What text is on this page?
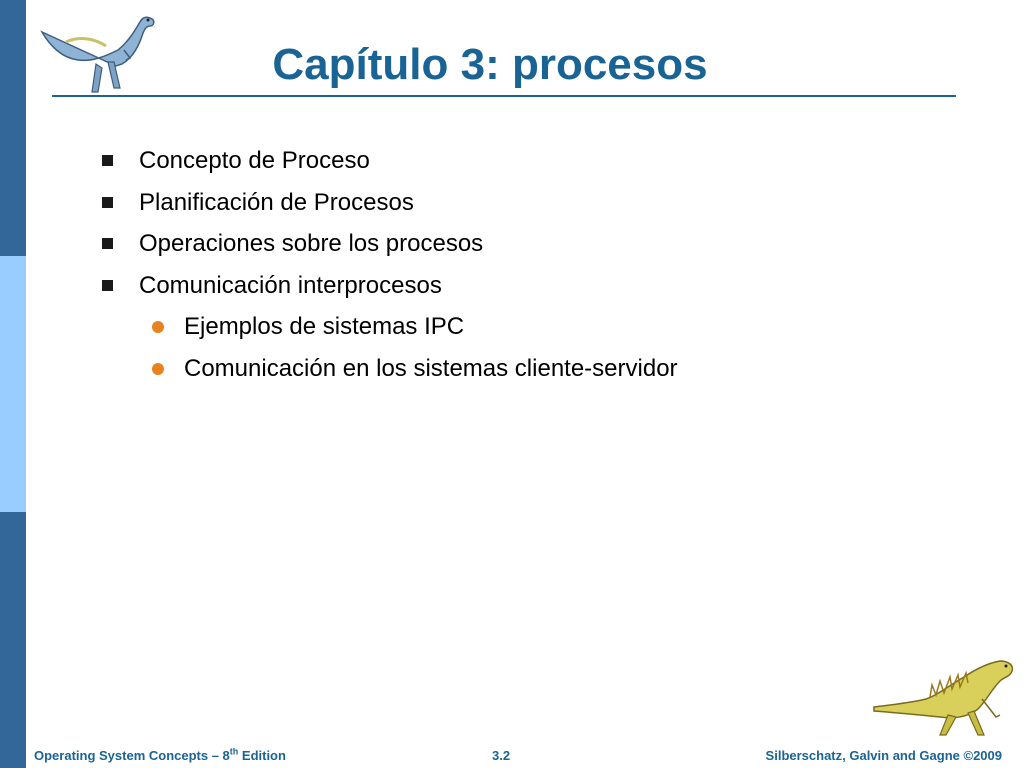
Capítulo 3: procesos
Concepto de Proceso
Planificación de Procesos
Operaciones sobre los procesos
Comunicación interprocesos
Ejemplos de sistemas IPC
Comunicación en los sistemas cliente-servidor
Operating System Concepts – 8th Edition	3.2	Silberschatz, Galvin and Gagne ©2009
